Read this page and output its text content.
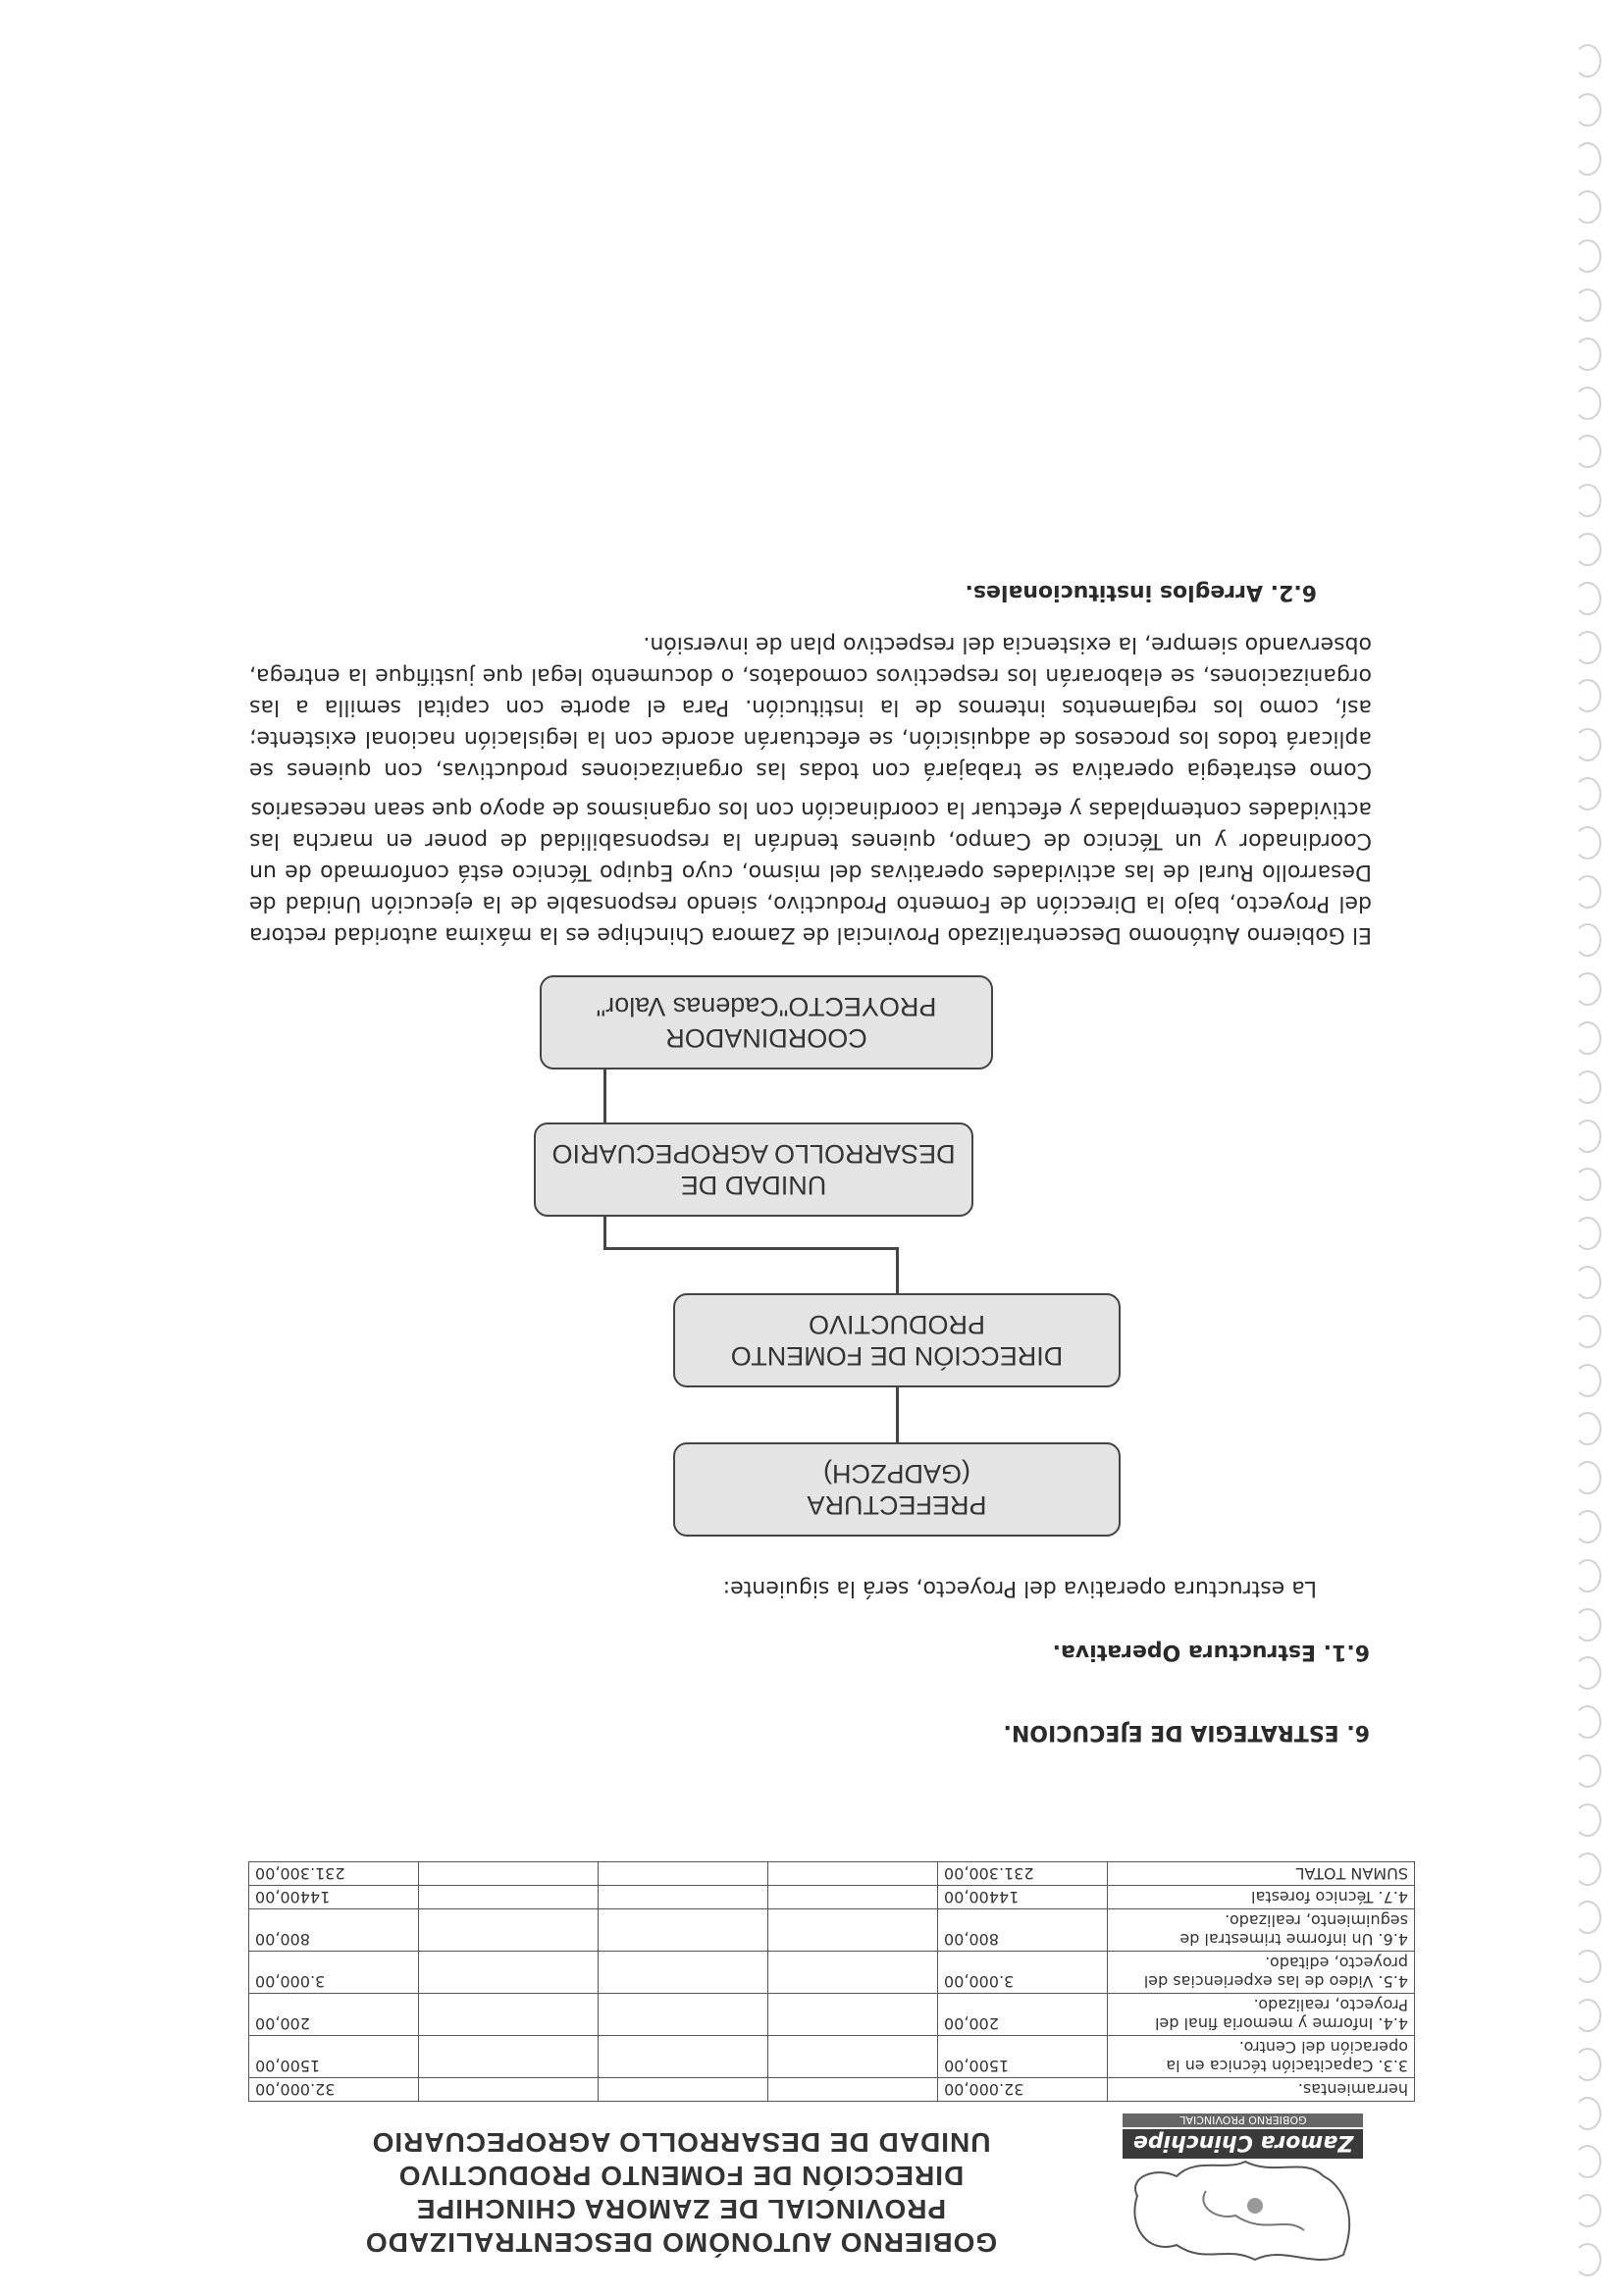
Zamora Chinchipe
GOBIERNO PROVINCIAL
GOBIERNO AUTONÓMO DESCENTRALIZADO
PROVINCIAL DE ZAMORA CHINCHIPE
DIRECCIÓN DE FOMENTO PRODUCTIVO
UNIDAD DE DESARROLLO AGROPECUARIO
herramientas.	32.000,00				32.000,00
3.3. Capacitación técnica en la operación del Centro.	1500,00				1500,00
4.4. Informe y memoria final del Proyecto, realizado.	200,00				200,00
4.5. Video de las experiencias del proyecto, editado.	3.000,00				3.000,00
4.6. Un informe trimestral de seguimiento, realizado.	800,00				800,00
4.7. Técnico forestal	14400,00				14400,00
SUMAN TOTAL	231.300,00				231.300,00
6. ESTRATEGIA DE EJECUCION.
6.1. Estructura Operativa.
La estructura operativa del Proyecto, será la siguiente:
PREFECTURA
(GADPZCH)
DIRECCIÓN DE FOMENTO
PRODUCTIVO
UNIDAD DE
DESARROLLO AGROPECUARIO
COORDINADOR
PROYECTO"Cadenas Valor"
El Gobierno Autónomo Descentralizado Provincial de Zamora Chinchipe es la máxima autoridad rectora del Proyecto, bajo la Dirección de Fomento Productivo, siendo responsable de la ejecución Unidad de Desarrollo Rural de las actividades operativas del mismo, cuyo Equipo Técnico está conformado de un Coordinador y un Técnico de Campo, quienes tendrán la responsabilidad de poner en marcha las actividades contempladas y efectuar la coordinación con los organismos de apoyo que sean necesarios
Como estrategia operativa se trabajará con todas las organizaciones productivas, con quienes se aplicará todos los procesos de adquisición, se efectuarán acorde con la legislación nacional existente; así, como los reglamentos internos de la institución. Para el aporte con capital semilla a las organizaciones, se elaborarán los respectivos comodatos, o documento legal que justifique la entrega, observando siempre, la existencia del respectivo plan de inversión.
6.2. Arreglos institucionales.
